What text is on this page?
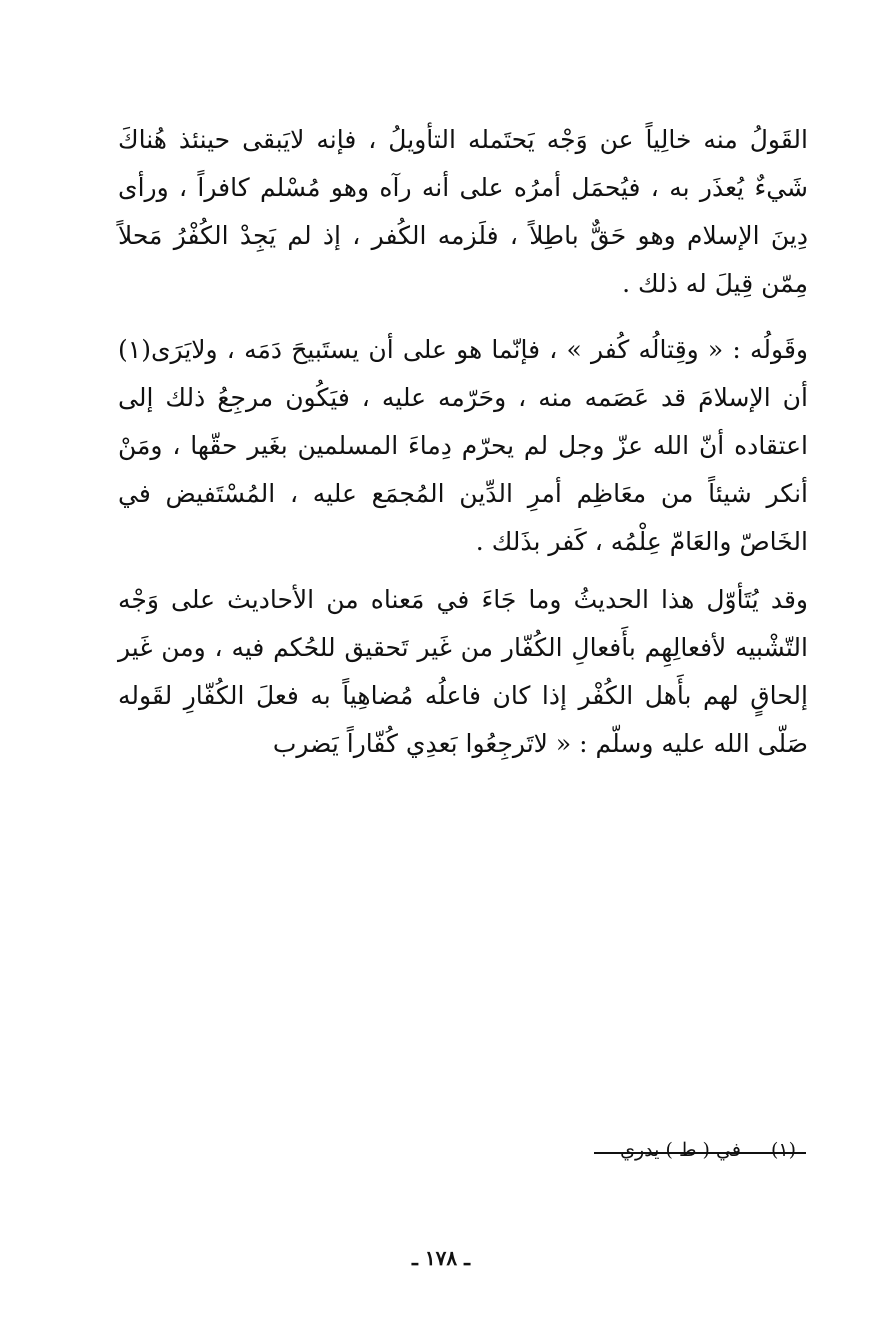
القَولُ منه خالِياً عن وَجْه يَحتَمله التأويلُ ، فإنه لايَبقى حينئذ هُناكَ شَيءٌ يُعذَر به ، فيُحمَل أمرُه على أنه رآه وهو مُسْلم كافراً ، ورأى دِينَ الإسلام وهو حَقٌّ باطِلاً ، فلَزمه الكُفر ، إذ لم يَجِدْ الكُفْرُ مَحلاً مِمّن قِيلَ له ذلك .

وقَولُه : « وقِتالُه كُفر » ، فإنّما هو على أن يستَبيحَ دَمَه ، ولايَرَى(١) أن الإسلامَ قد عَصَمه منه ، وحَرّمه عليه ، فيَكُون مرجِعُ ذلك إلى اعتقاده أنّ الله عزّ وجل لم يحرّم دِماءَ المسلمين بغَير حقّها ، ومَنْ أنكر شيئاً من معَاظِم أمرِ الدِّين المُجمَع عليه ، المُسْتَفيض في الخَاصّ والعَامّ عِلْمُه ، كَفر بذَلك .

وقد يُتَأوّل هذا الحديثُ وما جَاءَ في مَعناه من الأحاديث على وَجْه التّشْبيه لأفعالِهِم بأَفعالِ الكُفّار من غَير تَحقيق للحُكم فيه ، ومن غَير إلحاقٍ لهم بأَهل الكُفْر إذا كان فاعلُه مُضاهِياً به فعلَ الكُفّارِ لقَوله صَلّى الله عليه وسلّم : « لاتَرجِعُوا بَعدِي كُفّاراً يَضرب

(١)في ( ط ) يدري
ـ ١٧٨ ـ
